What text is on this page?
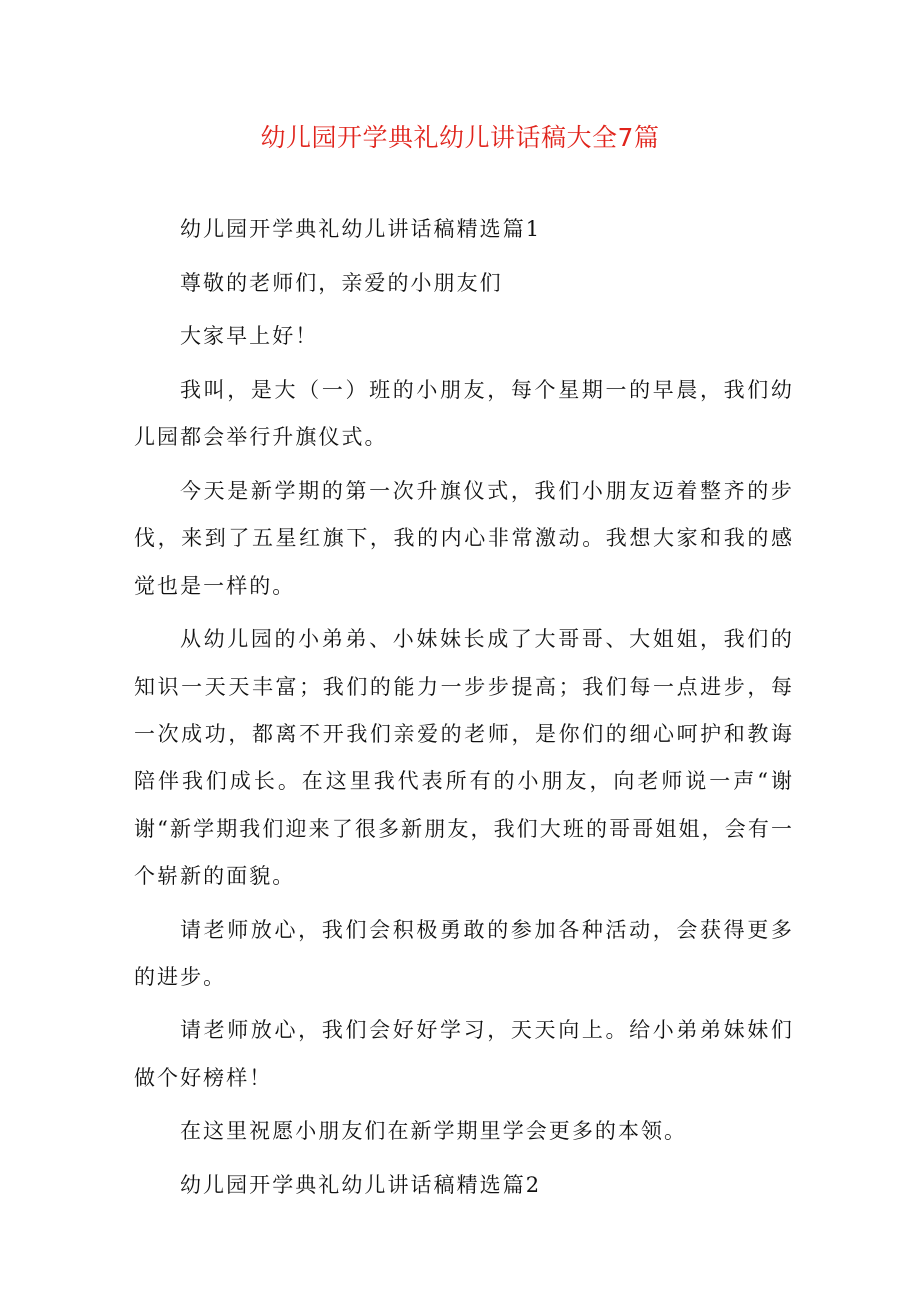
幼儿园开学典礼幼儿讲话稿大全7篇

幼儿园开学典礼幼儿讲话稿精选篇1

尊敬的老师们，亲爱的小朋友们

大家早上好！

我叫，是大（一）班的小朋友，每个星期一的早晨，我们幼儿园都会举行升旗仪式。

今天是新学期的第一次升旗仪式，我们小朋友迈着整齐的步伐，来到了五星红旗下，我的内心非常激动。我想大家和我的感觉也是一样的。

从幼儿园的小弟弟、小妹妹长成了大哥哥、大姐姐，我们的知识一天天丰富；我们的能力一步步提高；我们每一点进步，每一次成功，都离不开我们亲爱的老师，是你们的细心呵护和教诲陪伴我们成长。在这里我代表所有的小朋友，向老师说一声“谢谢“新学期我们迎来了很多新朋友，我们大班的哥哥姐姐，会有一个崭新的面貌。

请老师放心，我们会积极勇敢的参加各种活动，会获得更多的进步。

请老师放心，我们会好好学习，天天向上。给小弟弟妹妹们做个好榜样！

在这里祝愿小朋友们在新学期里学会更多的本领。

幼儿园开学典礼幼儿讲话稿精选篇2
